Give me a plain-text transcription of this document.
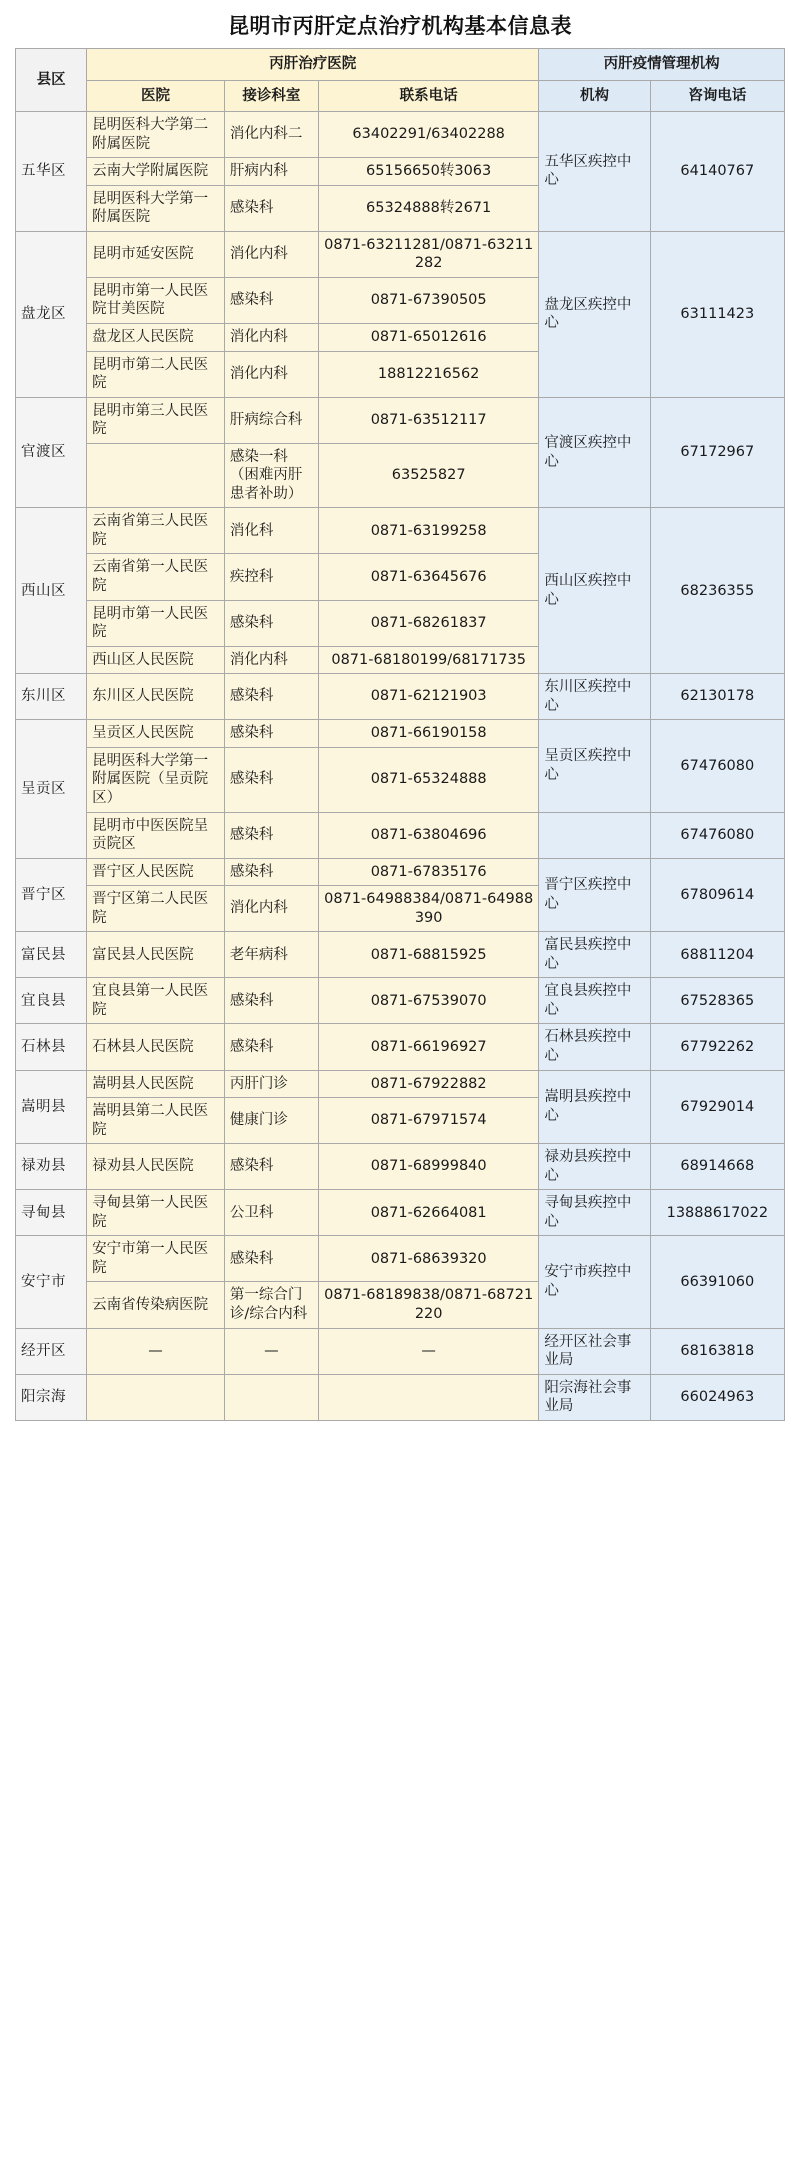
昆明市丙肝定点治疗机构基本信息表
县区	丙肝治疗医院			丙肝疫情管理机构	
	医院	接诊科室	联系电话	机构	咨询电话
五华区	昆明医科大学第二附属医院	消化内科二	63402291/63402288	五华区疾控中心	64140767
	云南大学附属医院	肝病内科	65156650转3063		
	昆明医科大学第一附属医院	感染科	65324888转2671		
盘龙区	昆明市延安医院	消化内科	0871-63211281/0871-63211282	盘龙区疾控中心	63111423
	昆明市第一人民医院甘美医院	感染科	0871-67390505		
	盘龙区人民医院	消化内科	0871-65012616		
	昆明市第二人民医院	消化内科	18812216562		
官渡区	昆明市第三人民医院	肝病综合科	0871-63512117	官渡区疾控中心	67172967
		感染一科（困难丙肝患者补助）	63525827		
西山区	云南省第三人民医院	消化科	0871-63199258	西山区疾控中心	68236355
	云南省第一人民医院	疾控科	0871-63645676		
	昆明市第一人民医院	感染科	0871-68261837		
	西山区人民医院	消化内科	0871-68180199/68171735		
东川区	东川区人民医院	感染科	0871-62121903	东川区疾控中心	62130178
呈贡区	呈贡区人民医院	感染科	0871-66190158	呈贡区疾控中心	67476080
	昆明医科大学第一附属医院（呈贡院区）	感染科	0871-65324888		
	昆明市中医医院呈贡院区	感染科	0871-63804696		67476080
晋宁区	晋宁区人民医院	感染科	0871-67835176	晋宁区疾控中心	67809614
	晋宁区第二人民医院	消化内科	0871-64988384/0871-64988390		
富民县	富民县人民医院	老年病科	0871-68815925	富民县疾控中心	68811204
宜良县	宜良县第一人民医院	感染科	0871-67539070	宜良县疾控中心	67528365
石林县	石林县人民医院	感染科	0871-66196927	石林县疾控中心	67792262
嵩明县	嵩明县人民医院	丙肝门诊	0871-67922882	嵩明县疾控中心	67929014
	嵩明县第二人民医院	健康门诊	0871-67971574		
禄劝县	禄劝县人民医院	感染科	0871-68999840	禄劝县疾控中心	68914668
寻甸县	寻甸县第一人民医院	公卫科	0871-62664081	寻甸县疾控中心	13888617022
安宁市	安宁市第一人民医院	感染科	0871-68639320	安宁市疾控中心	66391060
	云南省传染病医院	第一综合门诊/综合内科	0871-68189838/0871-68721220		
经开区	—	—	—	经开区社会事业局	68163818
阳宗海				阳宗海社会事业局	66024963
